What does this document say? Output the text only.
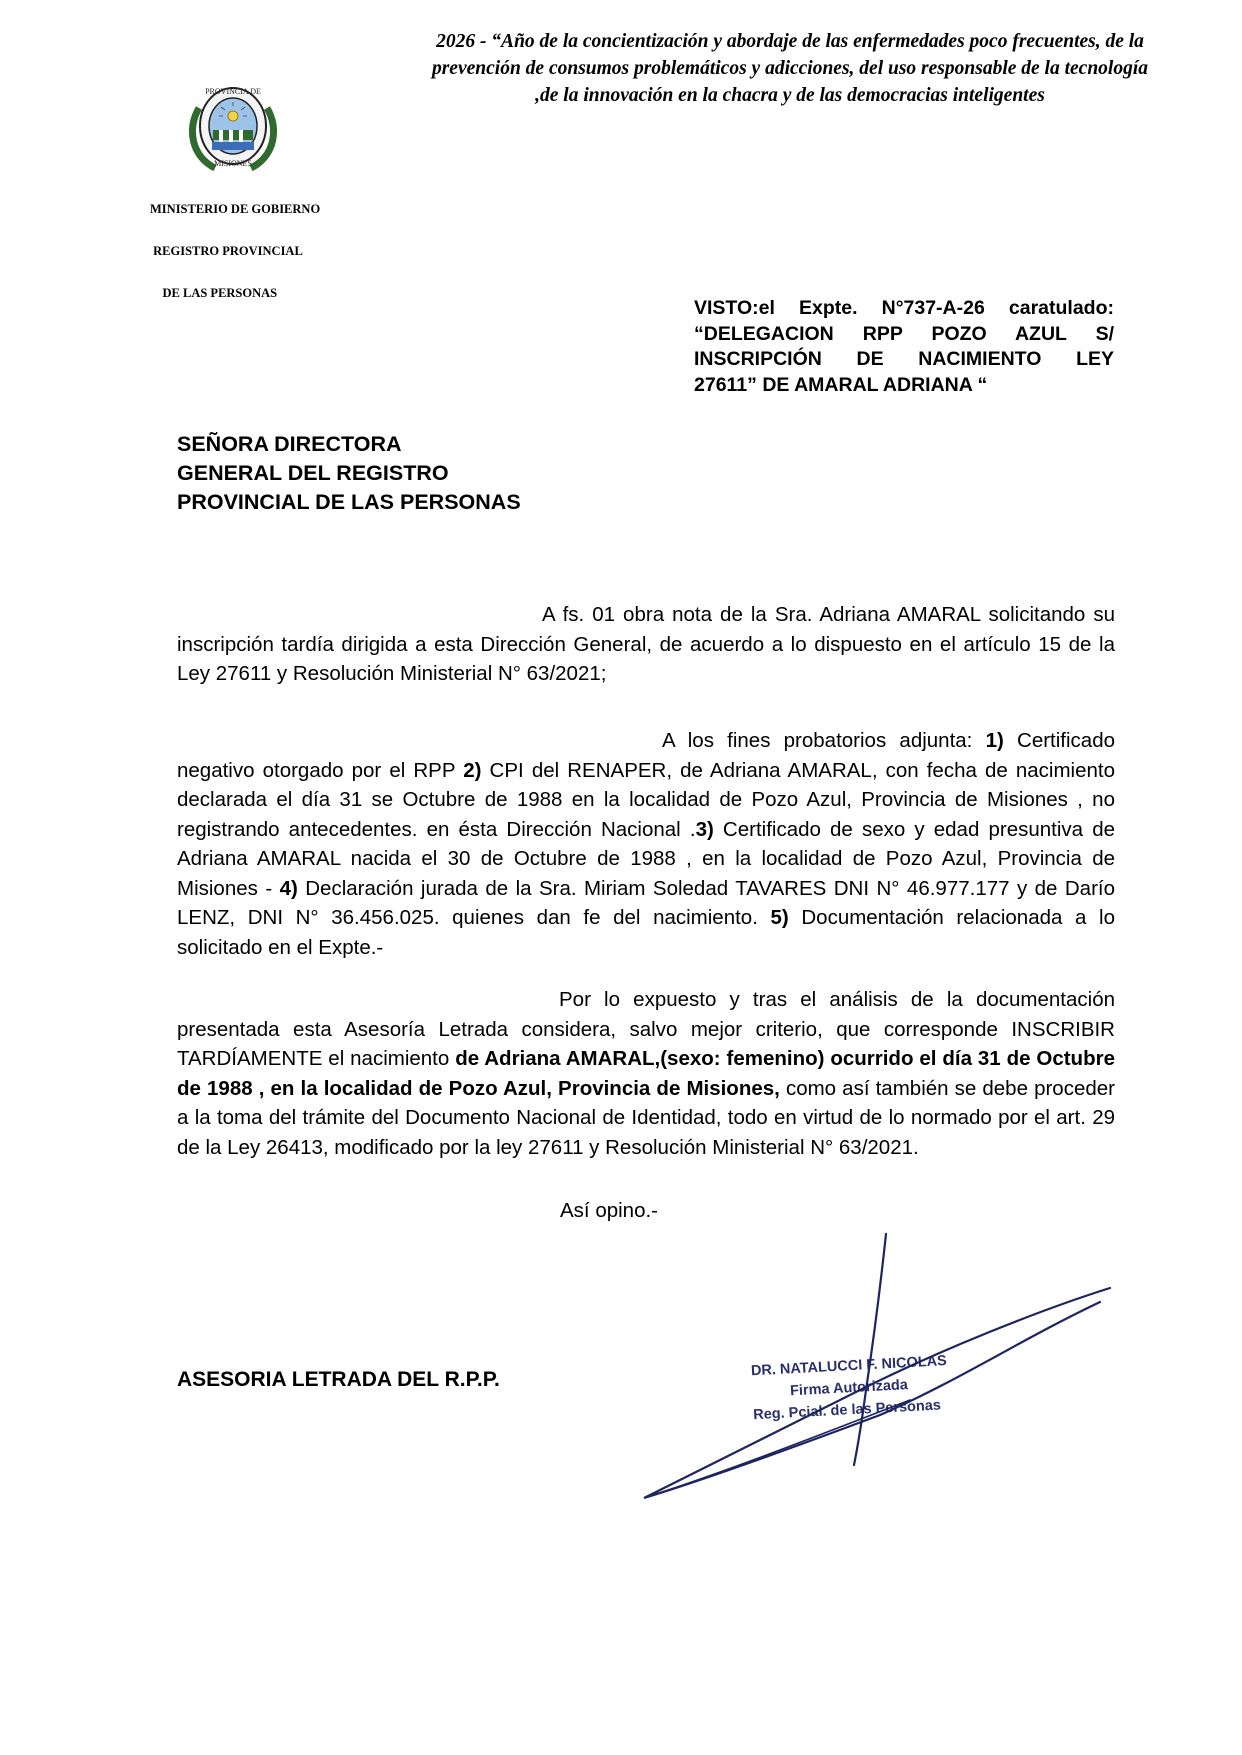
PROVINCIA DE
MISIONES

MINISTERIO DE GOBIERNO

REGISTRO PROVINCIAL

DE LAS PERSONAS

2026 - “Año de la concientización y abordaje de las enfermedades poco frecuentes, de la prevención de consumos problemáticos y adicciones, del uso responsable de la tecnología ,de la innovación en la chacra y de las democracias inteligentes
VISTO:el Expte. N°737-A-26 caratulado:
“DELEGACION RPP POZO AZUL S/
INSCRIPCIÓN DE NACIMIENTO LEY
27611” DE AMARAL ADRIANA “
SEÑORA DIRECTORA
GENERAL DEL REGISTRO
PROVINCIAL DE LAS PERSONAS
A fs. 01 obra nota de la Sra. Adriana AMARAL solicitando su inscripción tardía dirigida a esta Dirección General, de acuerdo a lo dispuesto en el artículo 15 de la Ley 27611 y Resolución Ministerial N° 63/2021;
A los fines probatorios adjunta: 1) Certificado negativo otorgado por el RPP 2) CPI del RENAPER, de Adriana AMARAL, con fecha de nacimiento declarada el día 31 se Octubre de 1988 en la localidad de Pozo Azul, Provincia de Misiones , no registrando antecedentes. en ésta Dirección Nacional .3) Certificado de sexo y edad presuntiva de Adriana AMARAL nacida el 30 de Octubre de 1988 , en la localidad de Pozo Azul, Provincia de Misiones - 4) Declaración jurada de la Sra. Miriam Soledad TAVARES DNI N° 46.977.177 y de Darío LENZ, DNI N° 36.456.025. quienes dan fe del nacimiento. 5) Documentación relacionada a lo solicitado en el Expte.-
Por lo expuesto y tras el análisis de la documentación presentada esta Asesoría Letrada considera, salvo mejor criterio, que corresponde INSCRIBIR TARDÍAMENTE el nacimiento de Adriana AMARAL,(sexo: femenino) ocurrido el día 31 de Octubre de 1988 , en la localidad de Pozo Azul, Provincia de Misiones, como así también se debe proceder a la toma del trámite del Documento Nacional de Identidad, todo en virtud de lo normado por el art. 29 de la Ley 26413, modificado por la ley 27611 y Resolución Ministerial N° 63/2021.
Así opino.-
ASESORIA LETRADA DEL R.P.P.
DR. NATALUCCI F. NICOLAS
Firma Autorizada
Reg. Pcial. de las Personas
